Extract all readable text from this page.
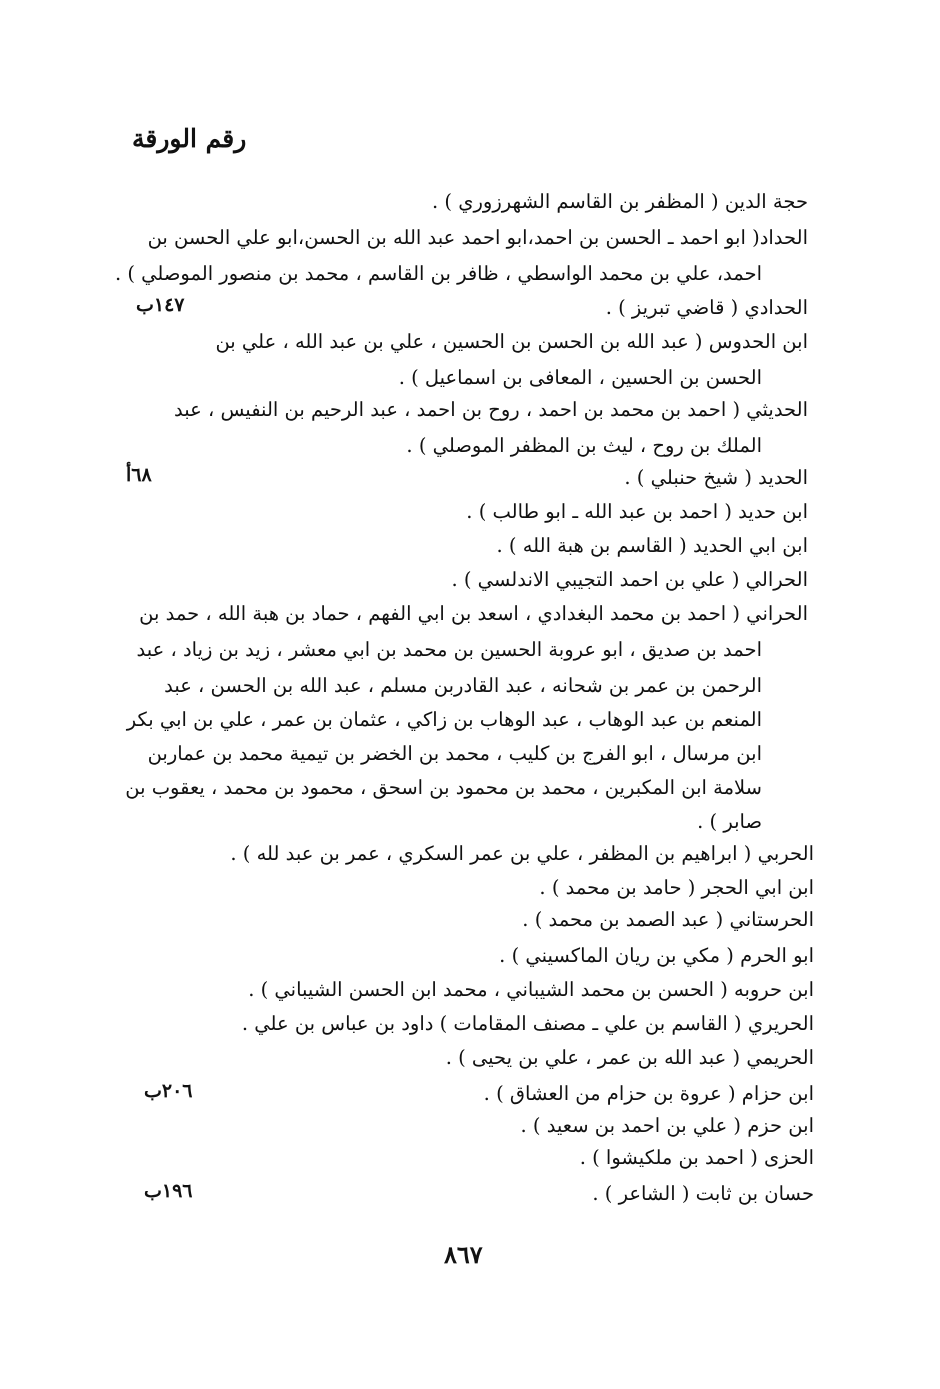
رقم الورقة
حجة الدين ( المظفر بن القاسم الشهرزوري ) .
الحداد( ابو احمد ـ الحسن بن احمد،ابو احمد عبد الله بن الحسن،ابو علي الحسن بن
احمد، علي بن محمد الواسطي ، ظافر بن القاسم ، محمد بن منصور الموصلي ) .
الحدادي ( قاضي تبريز ) .
ابن الحدوس ( عبد الله بن الحسن بن الحسين ، علي بن عبد الله ، علي بن
الحسن بن الحسين ، المعافى بن اسماعيل ) .
الحديثي ( احمد بن محمد بن احمد ، روح بن احمد ، عبد الرحيم بن النفيس ، عبد
الملك بن روح ، ليث بن المظفر الموصلي ) .
الحديد ( شيخ حنبلي ) .
ابن حديد ( احمد بن عبد الله ـ ابو طالب ) .
ابن ابي الحديد ( القاسم بن هبة الله ) .
الحرالي ( علي بن احمد التجيبي الاندلسي ) .
الحراني ( احمد بن محمد البغدادي ، اسعد بن ابي الفهم ، حماد بن هبة الله ، حمد بن
احمد بن صديق ، ابو عروبة الحسين بن محمد بن ابي معشر ، زيد بن زياد ، عبد
الرحمن بن عمر بن شحانه ، عبد القادربن مسلم ، عبد الله بن الحسن ، عبد
المنعم بن عبد الوهاب ، عبد الوهاب بن زاكي ، عثمان بن عمر ، علي بن ابي بكر
ابن مرسال ، ابو الفرج بن كليب ، محمد بن الخضر بن تيمية محمد بن عماربن
سلامة ابن المكبرين ، محمد بن محمود بن اسحق ، محمود بن محمد ، يعقوب بن
صابر ) .
الحربي ( ابراهيم بن المظفر ، علي بن عمر السكري ، عمر بن عبد لله ) .
ابن ابي الحجر ( حامد بن محمد ) .
الحرستاني ( عبد الصمد بن محمد ) .
ابو الحرم ( مكي بن ريان الماكسيني ) .
ابن حروبه ( الحسن بن محمد الشيباني ، محمد ابن الحسن الشيباني ) .
الحريري ( القاسم بن علي ـ مصنف المقامات ) داود بن عباس بن علي .
الحريمي ( عبد الله بن عمر ، علي بن يحيى ) .
ابن حزام ( عروة بن حزام من العشاق ) .
ابن حزم ( علي بن احمد بن سعيد ) .
الحزى ( احمد بن ملكيشوا ) .
حسان بن ثابت ( الشاعر ) .
١٤٧ب
٦٨أ
٢٠٦ب
١٩٦ب
٨٦٧
